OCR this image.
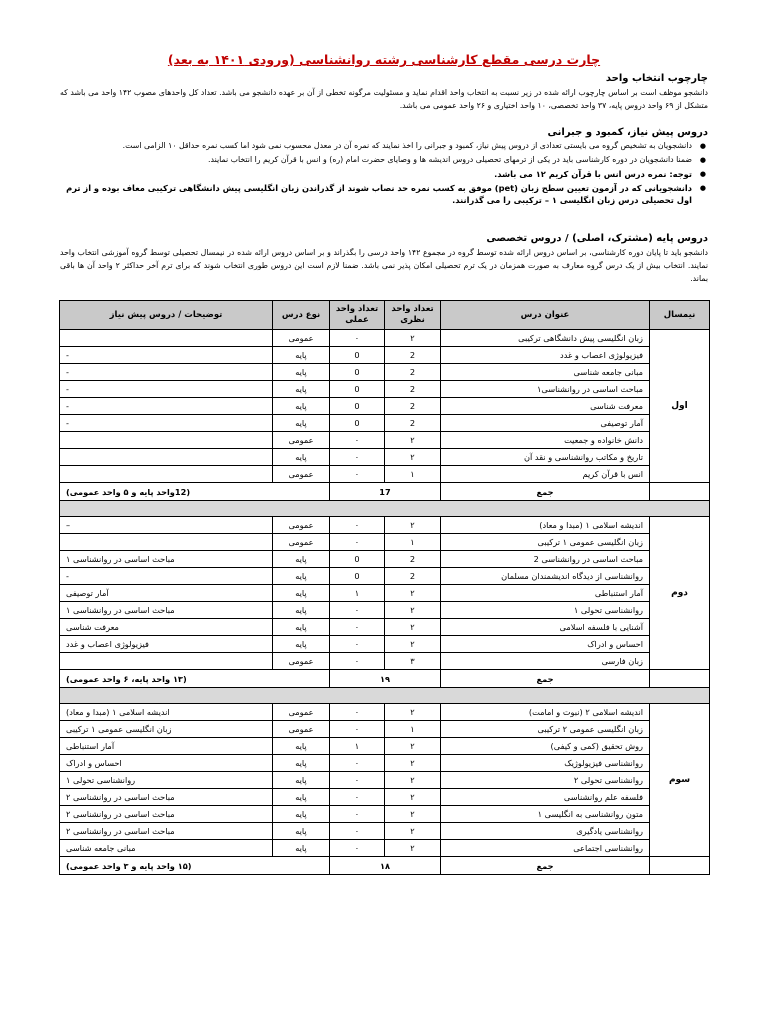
چارت درسی مقطع کارشناسی رشته روانشناسی (ورودی ۱۴۰۱ به بعد)
چارچوب انتخاب واحد
دانشجو موظف است بر اساس چارچوب ارائه شده در زیر نسبت به انتخاب واحد اقدام نماید و مسئولیت مرگونه تخطی از آن بر عهده دانشجو می باشد. تعداد کل واحدهای مصوب ۱۴۲ واحد می باشد که متشکل از ۶۹ واحد دروس پایه، ۳۷ واحد تخصصی، ۱۰ واحد اختیاری و ۲۶ واحد عمومی می باشد.
دروس پیش نیاز، کمبود و جبرانی
● دانشجویان به تشخیص گروه می بایستی تعدادی از دروس پیش نیاز، کمبود و جبرانی را اخذ نمایند که نمره آن در معدل محسوب نمی شود اما کسب نمره حداقل ۱۰ الزامی است.
● ضمنا دانشجویان در دوره کارشناسی باید در یکی از ترمهای تحصیلی دروس اندیشه ها و وصایای حضرت امام (ره) و انس با قرآن کریم را انتخاب نمایند.
● توجه: نمره درس انس با قرآن کریم ۱۲ می باشد.
● دانشجویانی که در آزمون تعیین سطح زبان (pet) موفق به کسب نمره حد نصاب شوند از گذراندن زبان انگلیسی پیش دانشگاهی ترکیبی معاف بوده و از ترم اول تحصیلی درس زبان انگلیسی ۱ – ترکیبی را می گذرانند.
دروس پایه (مشترک، اصلی) / دروس تخصصی
دانشجو باید تا پایان دوره کارشناسی، بر اساس دروس ارائه شده توسط گروه در مجموع ۱۴۲ واحد درسی را بگذراند و بر اساس دروس ارائه شده در نیمسال تحصیلی توسط گروه آموزشی انتخاب واحد نمایند. انتخاب بیش از یک درس گروه معارف به صورت همزمان در یک ترم تحصیلی امکان پذیر نمی باشد. ضمنا لازم است این دروس طوری انتخاب شوند که برای ترم آخر حداکثر ۲ واحد آن ها باقی بماند.
نیمسال	عنوان درس	تعداد واحد نظری	تعداد واحد عملی	نوع درس	توضیحات / دروس پیش نیاز
اول	زبان انگلیسی پیش دانشگاهی ترکیبی	۲	۰	عمومی	
	فیزیولوژی اعصاب و غدد	2	0	پایه	-
	مبانی جامعه شناسی	2	0	پایه	-
	مباحث اساسی در روانشناسی۱	2	0	پایه	-
	معرفت شناسی	2	0	پایه	-
	آمار توصیفی	2	0	پایه	-
	دانش خانواده و جمعیت	۲	۰	عمومی	
	تاریخ و مکاتب روانشناسی و نقد آن	۲	۰	پایه	
	انس با قرآن کریم	۱	۰	عمومی	
	جمع	17		(12واحد پایه و ۵ واحد عمومی)	

دوم	اندیشه اسلامی ۱ (مبدا و معاد)	۲	۰	عمومی	–
	زبان انگلیسی عمومی ۱ ترکیبی	۱	۰	عمومی	
	مباحث اساسی در روانشناسی 2	2	0	پایه	مباحث اساسی در روانشناسی ۱
	روانشناسی از دیدگاه اندیشمندان مسلمان	2	0	پایه	-
	آمار استنباطی	۲	۱	پایه	آمار توصیفی
	روانشناسی تحولی ۱	۲	۰	پایه	مباحث اساسی در روانشناسی ۱
	آشنایی با فلسفه اسلامی	۲	۰	پایه	معرفت شناسی
	احساس و ادراک	۲	۰	پایه	فیزیولوژی اعصاب و غدد
	زبان فارسی	۳	۰	عمومی	
	جمع	۱۹		(۱۳ واحد پایه، ۶ واحد عمومی)	

سوم	اندیشه اسلامی ۲ (نبوت و امامت)	۲	۰	عمومی	اندیشه اسلامی ۱ (مبدا و معاد)
	زبان انگلیسی عمومی ۲ ترکیبی	۱	۰	عمومی	زبان انگلیسی عمومی ۱ ترکیبی
	روش تحقیق (کمی و کیفی)	۲	۱	پایه	آمار استنباطی
	روانشناسی فیزیولوژیک	۲	۰	پایه	احساس و ادراک
	روانشناسی تحولی ۲	۲	۰	پایه	روانشناسی تحولی ۱
	فلسفه علم روانشناسی	۲	۰	پایه	مباحث اساسی در روانشناسی ۲
	متون روانشناسی به انگلیسی ۱	۲	۰	پایه	مباحث اساسی در روانشناسی ۲
	روانشناسی یادگیری	۲	۰	پایه	مباحث اساسی در روانشناسی ۲
	روانشناسی اجتماعی	۲	۰	پایه	مبانی جامعه شناسی
	جمع	۱۸		(۱۵ واحد پایه و ۳ واحد عمومی)	
